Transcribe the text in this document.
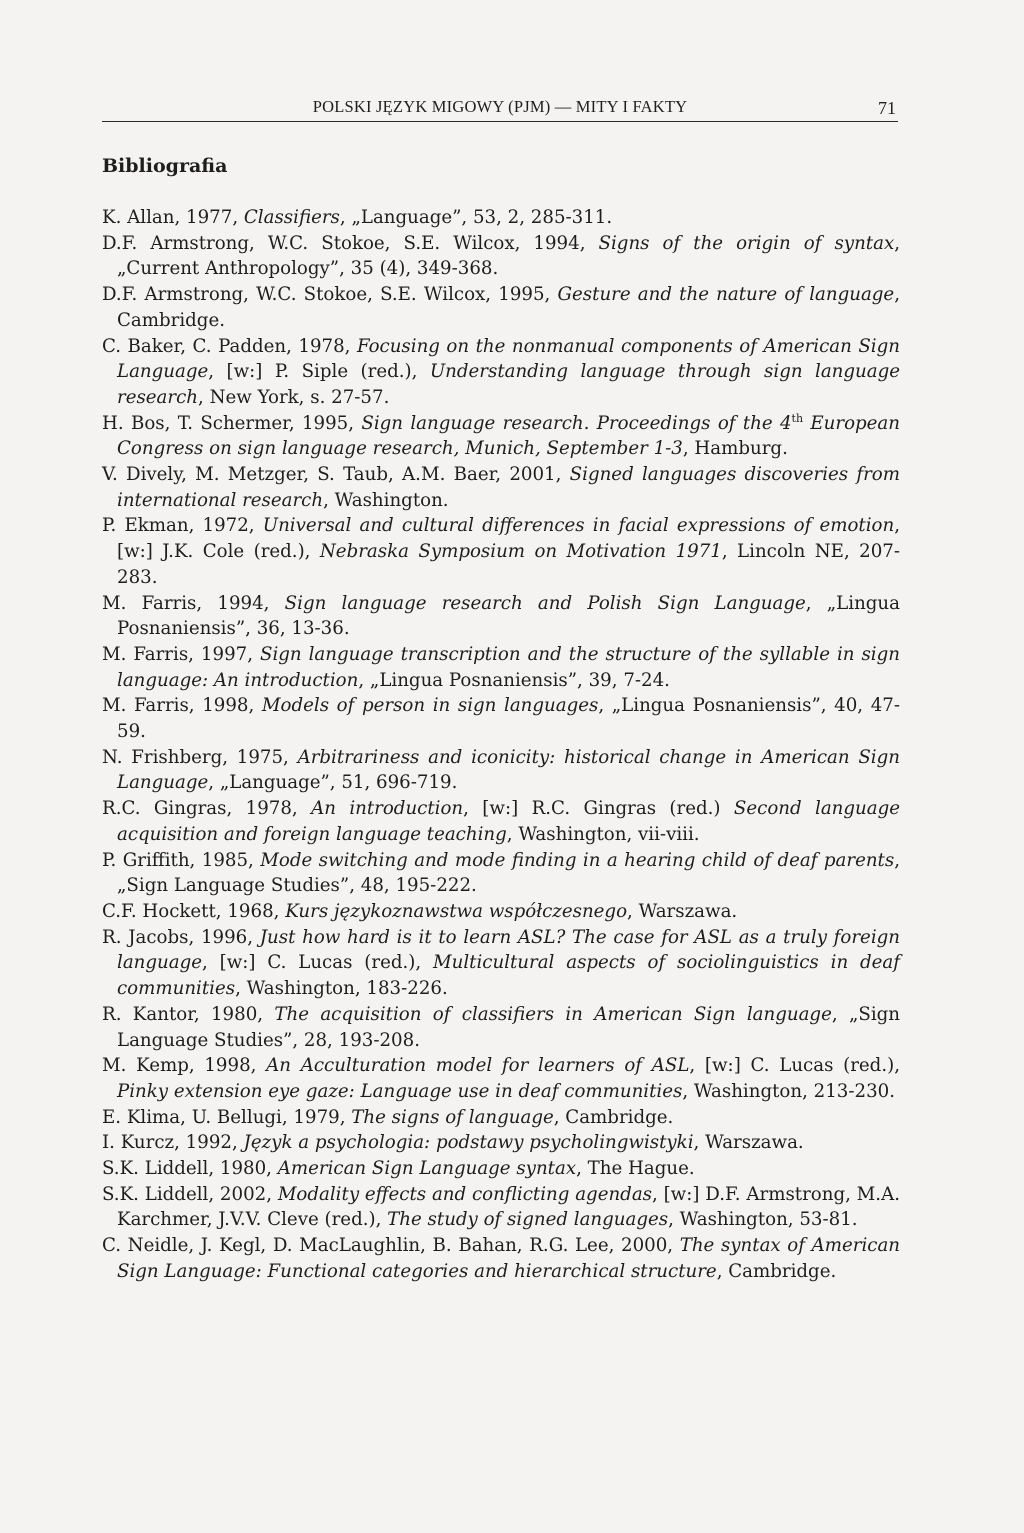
POLSKI JĘZYK MIGOWY (PJM) — MITY I FAKTY	71
Bibliografia
K. Allan, 1977, Classifiers, „Language”, 53, 2, 285-311.
D.F. Armstrong, W.C. Stokoe, S.E. Wilcox, 1994, Signs of the origin of syntax, „Current Anthropology”, 35 (4), 349-368.
D.F. Armstrong, W.C. Stokoe, S.E. Wilcox, 1995, Gesture and the nature of language, Cambridge.
C. Baker, C. Padden, 1978, Focusing on the nonmanual components of American Sign Language, [w:] P. Siple (red.), Understanding language through sign language research, New York, s. 27-57.
H. Bos, T. Schermer, 1995, Sign language research. Proceedings of the 4th European Congress on sign language research, Munich, September 1-3, Hamburg.
V. Dively, M. Metzger, S. Taub, A.M. Baer, 2001, Signed languages discoveries from international research, Washington.
P. Ekman, 1972, Universal and cultural differences in facial expressions of emotion, [w:] J.K. Cole (red.), Nebraska Symposium on Motivation 1971, Lincoln NE, 207-283.
M. Farris, 1994, Sign language research and Polish Sign Language, „Lingua Posnaniensis”, 36, 13-36.
M. Farris, 1997, Sign language transcription and the structure of the syllable in sign language: An introduction, „Lingua Posnaniensis”, 39, 7-24.
M. Farris, 1998, Models of person in sign languages, „Lingua Posnaniensis”, 40, 47-59.
N. Frishberg, 1975, Arbitrariness and iconicity: historical change in American Sign Language, „Language”, 51, 696-719.
R.C. Gingras, 1978, An introduction, [w:] R.C. Gingras (red.) Second language acquisition and foreign language teaching, Washington, vii-viii.
P. Griffith, 1985, Mode switching and mode finding in a hearing child of deaf parents, „Sign Language Studies”, 48, 195-222.
C.F. Hockett, 1968, Kurs językoznawstwa współczesnego, Warszawa.
R. Jacobs, 1996, Just how hard is it to learn ASL? The case for ASL as a truly foreign language, [w:] C. Lucas (red.), Multicultural aspects of sociolinguistics in deaf communities, Washington, 183-226.
R. Kantor, 1980, The acquisition of classifiers in American Sign language, „Sign Language Studies”, 28, 193-208.
M. Kemp, 1998, An Acculturation model for learners of ASL, [w:] C. Lucas (red.), Pinky extension eye gaze: Language use in deaf communities, Washington, 213-230.
E. Klima, U. Bellugi, 1979, The signs of language, Cambridge.
I. Kurcz, 1992, Język a psychologia: podstawy psycholingwistyki, Warszawa.
S.K. Liddell, 1980, American Sign Language syntax, The Hague.
S.K. Liddell, 2002, Modality effects and conflicting agendas, [w:] D.F. Armstrong, M.A. Karchmer, J.V.V. Cleve (red.), The study of signed languages, Washington, 53-81.
C. Neidle, J. Kegl, D. MacLaughlin, B. Bahan, R.G. Lee, 2000, The syntax of American Sign Language: Functional categories and hierarchical structure, Cambridge.
